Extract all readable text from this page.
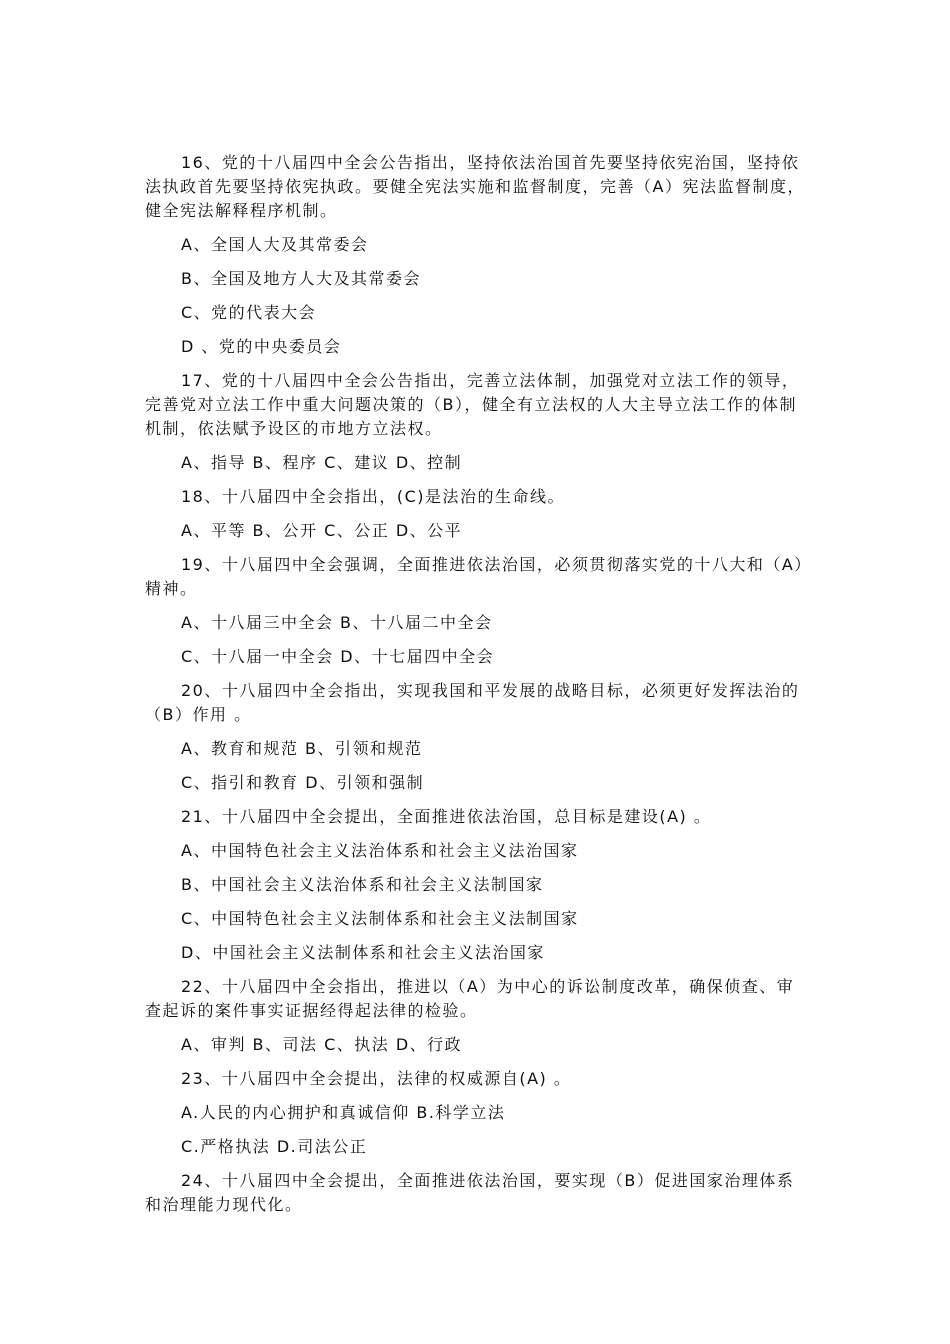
16、党的十八届四中全会公告指出，坚持依法治国首先要坚持依宪治国，坚持依法执政首先要坚持依宪执政。要健全宪法实施和监督制度，完善（A）宪法监督制度，健全宪法解释程序机制。

A、全国人大及其常委会

B、全国及地方人大及其常委会

C、党的代表大会

D 、党的中央委员会

17、党的十八届四中全会公告指出，完善立法体制，加强党对立法工作的领导，完善党对立法工作中重大问题决策的（B），健全有立法权的人大主导立法工作的体制机制，依法赋予设区的市地方立法权。

A、指导 B、程序 C、建议 D、控制

18、十八届四中全会指出，(C)是法治的生命线。

A、平等 B、公开 C、公正 D、公平

19、十八届四中全会强调，全面推进依法治国，必须贯彻落实党的十八大和（A）精神。

A、十八届三中全会 B、十八届二中全会

C、十八届一中全会 D、十七届四中全会

20、十八届四中全会指出，实现我国和平发展的战略目标，必须更好发挥法治的（B）作用 。

A、教育和规范 B、引领和规范

C、指引和教育 D、引领和强制

21、十八届四中全会提出，全面推进依法治国，总目标是建设(A) 。

A、中国特色社会主义法治体系和社会主义法治国家

B、中国社会主义法治体系和社会主义法制国家

C、中国特色社会主义法制体系和社会主义法制国家

D、中国社会主义法制体系和社会主义法治国家

22、十八届四中全会指出，推进以（A）为中心的诉讼制度改革，确保侦查、审查起诉的案件事实证据经得起法律的检验。

A、审判 B、司法 C、执法 D、行政

23、十八届四中全会提出，法律的权威源自(A) 。

A.人民的内心拥护和真诚信仰 B.科学立法

C.严格执法 D.司法公正

24、十八届四中全会提出，全面推进依法治国，要实现（B）促进国家治理体系和治理能力现代化。
